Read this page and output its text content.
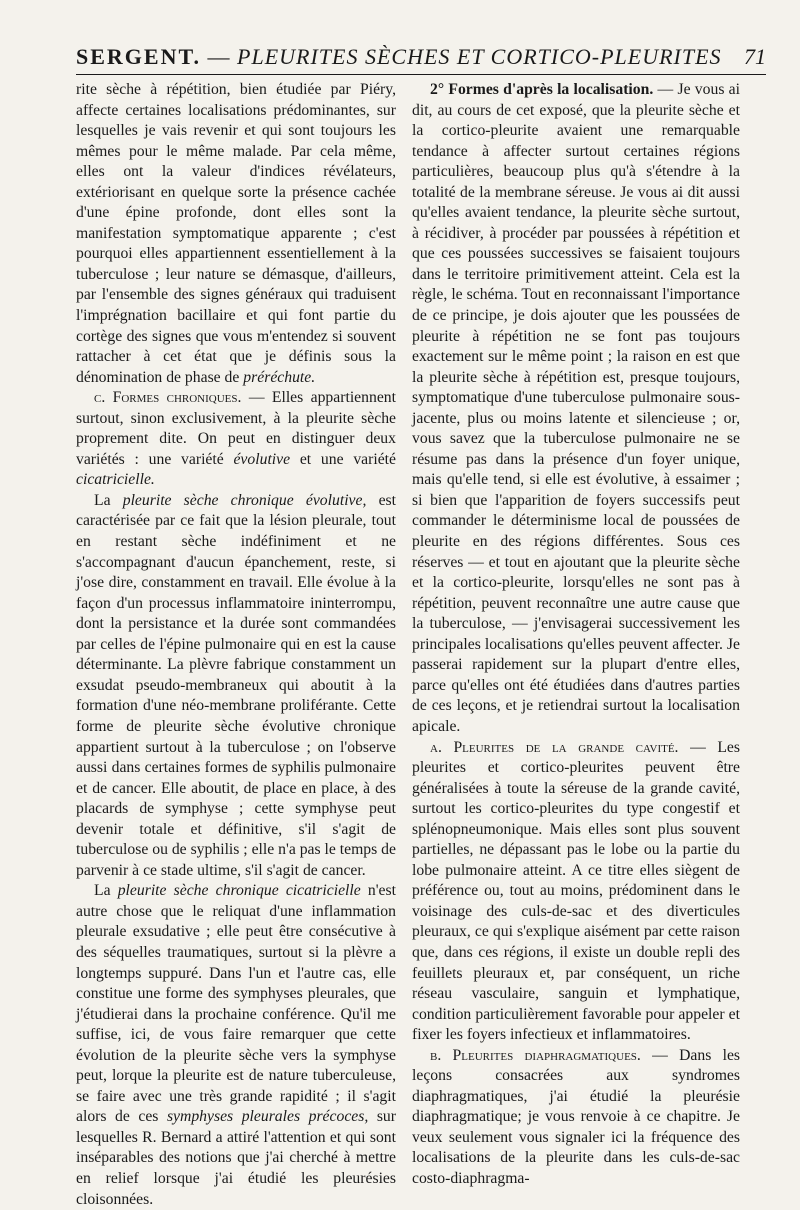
SERGENT. — PLEURITES SÈCHES ET CORTICO-PLEURITES 71

rite sèche à répétition, bien étudiée par Piéry, affecte certaines localisations prédominantes, sur lesquelles je vais revenir et qui sont toujours les mêmes pour le même malade. Par cela même, elles ont la valeur d'indices révélateurs, extériorisant en quelque sorte la présence cachée d'une épine profonde, dont elles sont la manifestation symptomatique apparente ; c'est pourquoi elles appartiennent essentiellement à la tuberculose ; leur nature se démasque, d'ailleurs, par l'ensemble des signes généraux qui traduisent l'imprégnation bacillaire et qui font partie du cortège des signes que vous m'entendez si souvent rattacher à cet état que je définis sous la dénomination de phase de préréchute.

c. Formes chroniques. — Elles appartiennent surtout, sinon exclusivement, à la pleurite sèche proprement dite. On peut en distinguer deux variétés : une variété évolutive et une variété cicatricielle.

La pleurite sèche chronique évolutive, est caractérisée par ce fait que la lésion pleurale, tout en restant sèche indéfiniment et ne s'accompagnant d'aucun épanchement, reste, si j'ose dire, constamment en travail. Elle évolue à la façon d'un processus inflammatoire ininterrompu, dont la persistance et la durée sont commandées par celles de l'épine pulmonaire qui en est la cause déterminante. La plèvre fabrique constamment un exsudat pseudo-membraneux qui aboutit à la formation d'une néo-membrane proliférante. Cette forme de pleurite sèche évolutive chronique appartient surtout à la tuberculose ; on l'observe aussi dans certaines formes de syphilis pulmonaire et de cancer. Elle aboutit, de place en place, à des placards de symphyse ; cette symphyse peut devenir totale et définitive, s'il s'agit de tuberculose ou de syphilis ; elle n'a pas le temps de parvenir à ce stade ultime, s'il s'agit de cancer.

La pleurite sèche chronique cicatricielle n'est autre chose que le reliquat d'une inflammation pleurale exsudative ; elle peut être consécutive à des séquelles traumatiques, surtout si la plèvre a longtemps suppuré. Dans l'un et l'autre cas, elle constitue une forme des symphyses pleurales, que j'étudierai dans la prochaine conférence. Qu'il me suffise, ici, de vous faire remarquer que cette évolution de la pleurite sèche vers la symphyse peut, lorque la pleurite est de nature tuberculeuse, se faire avec une très grande rapidité ; il s'agit alors de ces symphyses pleurales précoces, sur lesquelles R. Bernard a attiré l'attention et qui sont inséparables des notions que j'ai cherché à mettre en relief lorsque j'ai étudié les pleurésies cloisonnées.

2° Formes d'après la localisation. — Je vous ai dit, au cours de cet exposé, que la pleurite sèche et la cortico-pleurite avaient une remarquable tendance à affecter surtout certaines régions particulières, beaucoup plus qu'à s'étendre à la totalité de la membrane séreuse. Je vous ai dit aussi qu'elles avaient tendance, la pleurite sèche surtout, à récidiver, à procéder par poussées à répétition et que ces poussées successives se faisaient toujours dans le territoire primitivement atteint. Cela est la règle, le schéma. Tout en reconnaissant l'importance de ce principe, je dois ajouter que les poussées de pleurite à répétition ne se font pas toujours exactement sur le même point ; la raison en est que la pleurite sèche à répétition est, presque toujours, symptomatique d'une tuberculose pulmonaire sous-jacente, plus ou moins latente et silencieuse ; or, vous savez que la tuberculose pulmonaire ne se résume pas dans la présence d'un foyer unique, mais qu'elle tend, si elle est évolutive, à essaimer ; si bien que l'apparition de foyers successifs peut commander le déterminisme local de poussées de pleurite en des régions différentes. Sous ces réserves — et tout en ajoutant que la pleurite sèche et la cortico-pleurite, lorsqu'elles ne sont pas à répétition, peuvent reconnaître une autre cause que la tuberculose, — j'envisagerai successivement les principales localisations qu'elles peuvent affecter. Je passerai rapidement sur la plupart d'entre elles, parce qu'elles ont été étudiées dans d'autres parties de ces leçons, et je retiendrai surtout la localisation apicale.

a. Pleurites de la grande cavité. — Les pleurites et cortico-pleurites peuvent être généralisées à toute la séreuse de la grande cavité, surtout les cortico-pleurites du type congestif et splénopneumonique. Mais elles sont plus souvent partielles, ne dépassant pas le lobe ou la partie du lobe pulmonaire atteint. A ce titre elles siègent de préférence ou, tout au moins, prédominent dans le voisinage des culs-de-sac et des diverticules pleuraux, ce qui s'explique aisément par cette raison que, dans ces régions, il existe un double repli des feuillets pleuraux et, par conséquent, un riche réseau vasculaire, sanguin et lymphatique, condition particulièrement favorable pour appeler et fixer les foyers infectieux et inflammatoires.

b. Pleurites diaphragmatiques. — Dans les leçons consacrées aux syndromes diaphragmatiques, j'ai étudié la pleurésie diaphragmatique; je vous renvoie à ce chapitre. Je veux seulement vous signaler ici la fréquence des localisations de la pleurite dans les culs-de-sac costo-diaphragma-
